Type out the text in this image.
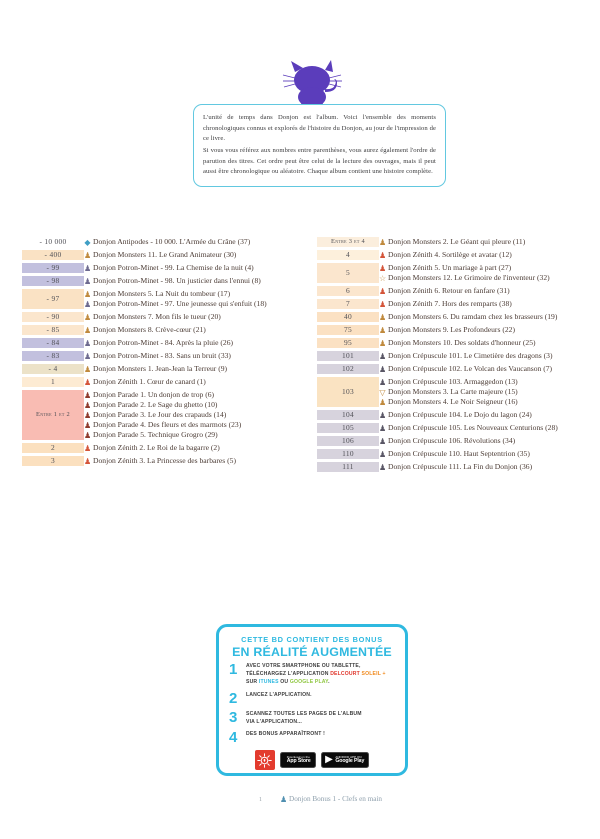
L'unité de temps dans Donjon est l'album. Voici l'ensemble des moments chronologiques connus et explorés de l'histoire du Donjon, au jour de l'impression de ce livre.

Si vous vous référez aux nombres entre parenthèses, vous aurez également l'ordre de parution des titres. Cet ordre peut être celui de la lecture des ouvrages, mais il peut aussi être chronologique ou aléatoire. Chaque album contient une histoire complète.

- 10 000	◆ Donjon Antipodes - 10 000. L'Armée du Crâne (37)

- 400	♟ Donjon Monsters 11. Le Grand Animateur (30)

- 99	♟ Donjon Potron-Minet - 99. La Chemise de la nuit (4)

- 98	♟ Donjon Potron-Minet - 98. Un justicier dans l'ennui (8)

- 97	♟ Donjon Monsters 5. La Nuit du tombeur (17)
	♟ Donjon Potron-Minet - 97. Une jeunesse qui s'enfuit (18)

- 90	♟ Donjon Monsters 7. Mon fils le tueur (20)

- 85	♟ Donjon Monsters 8. Crève-cœur (21)

- 84	♟ Donjon Potron-Minet - 84. Après la pluie (26)

- 83	♟ Donjon Potron-Minet - 83. Sans un bruit (33)

- 4	♟ Donjon Monsters 1. Jean-Jean la Terreur (9)

1	♟ Donjon Zénith 1. Cœur de canard (1)

Entre 1 et 2	♟ Donjon Parade 1. Un donjon de trop (6)
	♟ Donjon Parade 2. Le Sage du ghetto (10)
	♟ Donjon Parade 3. Le Jour des crapauds (14)
	♟ Donjon Parade 4. Des fleurs et des marmots (23)
	♟ Donjon Parade 5. Technique Grogro (29)

2	♟ Donjon Zénith 2. Le Roi de la bagarre (2)

3	♟ Donjon Zénith 3. La Princesse des barbares (5)
Entre 3 et 4	♟ Donjon Monsters 2. Le Géant qui pleure (11)

4	♟ Donjon Zénith 4. Sortilège et avatar (12)

5	♟ Donjon Zénith 5. Un mariage à part (27)
	☆ Donjon Monsters 12. Le Grimoire de l'inventeur (32)

6	♟ Donjon Zénith 6. Retour en fanfare (31)

7	♟ Donjon Zénith 7. Hors des remparts (38)

40	♟ Donjon Monsters 6. Du ramdam chez les brasseurs (19)

75	♟ Donjon Monsters 9. Les Profondeurs (22)

95	♟ Donjon Monsters 10. Des soldats d'honneur (25)

101	♟ Donjon Crépuscule 101. Le Cimetière des dragons (3)

102	♟ Donjon Crépuscule 102. Le Volcan des Vaucanson (7)

103	♟ Donjon Crépuscule 103. Armaggedon (13)
	▽ Donjon Monsters 3. La Carte majeure (15)
	♟ Donjon Monsters 4. Le Noir Seigneur (16)

104	♟ Donjon Crépuscule 104. Le Dojo du lagon (24)

105	♟ Donjon Crépuscule 105. Les Nouveaux Centurions (28)

106	♟ Donjon Crépuscule 106. Révolutions (34)

110	♟ Donjon Crépuscule 110. Haut Septentrion (35)

111	♟ Donjon Crépuscule 111. La Fin du Donjon (36)
CETTE BD CONTIENT DES BONUS
EN RÉALITÉ AUGMENTÉE
1	AVEC VOTRE SMARTPHONE OU TABLETTE,
TÉLÉCHARGEZ L'APPLICATION DELCOURT SOLEIL +
SUR ITUNES OU GOOGLE PLAY.
2	LANCEZ L'APPLICATION.
3	SCANNEZ TOUTES LES PAGES DE L'ALBUM
VIA L'APPLICATION...
4	DES BONUS APPARAÎTRONT !
Download on the
App Store ▶ ANDROID APP ON
Google Play
1 ♟ Donjon Bonus 1 - Clefs en main
